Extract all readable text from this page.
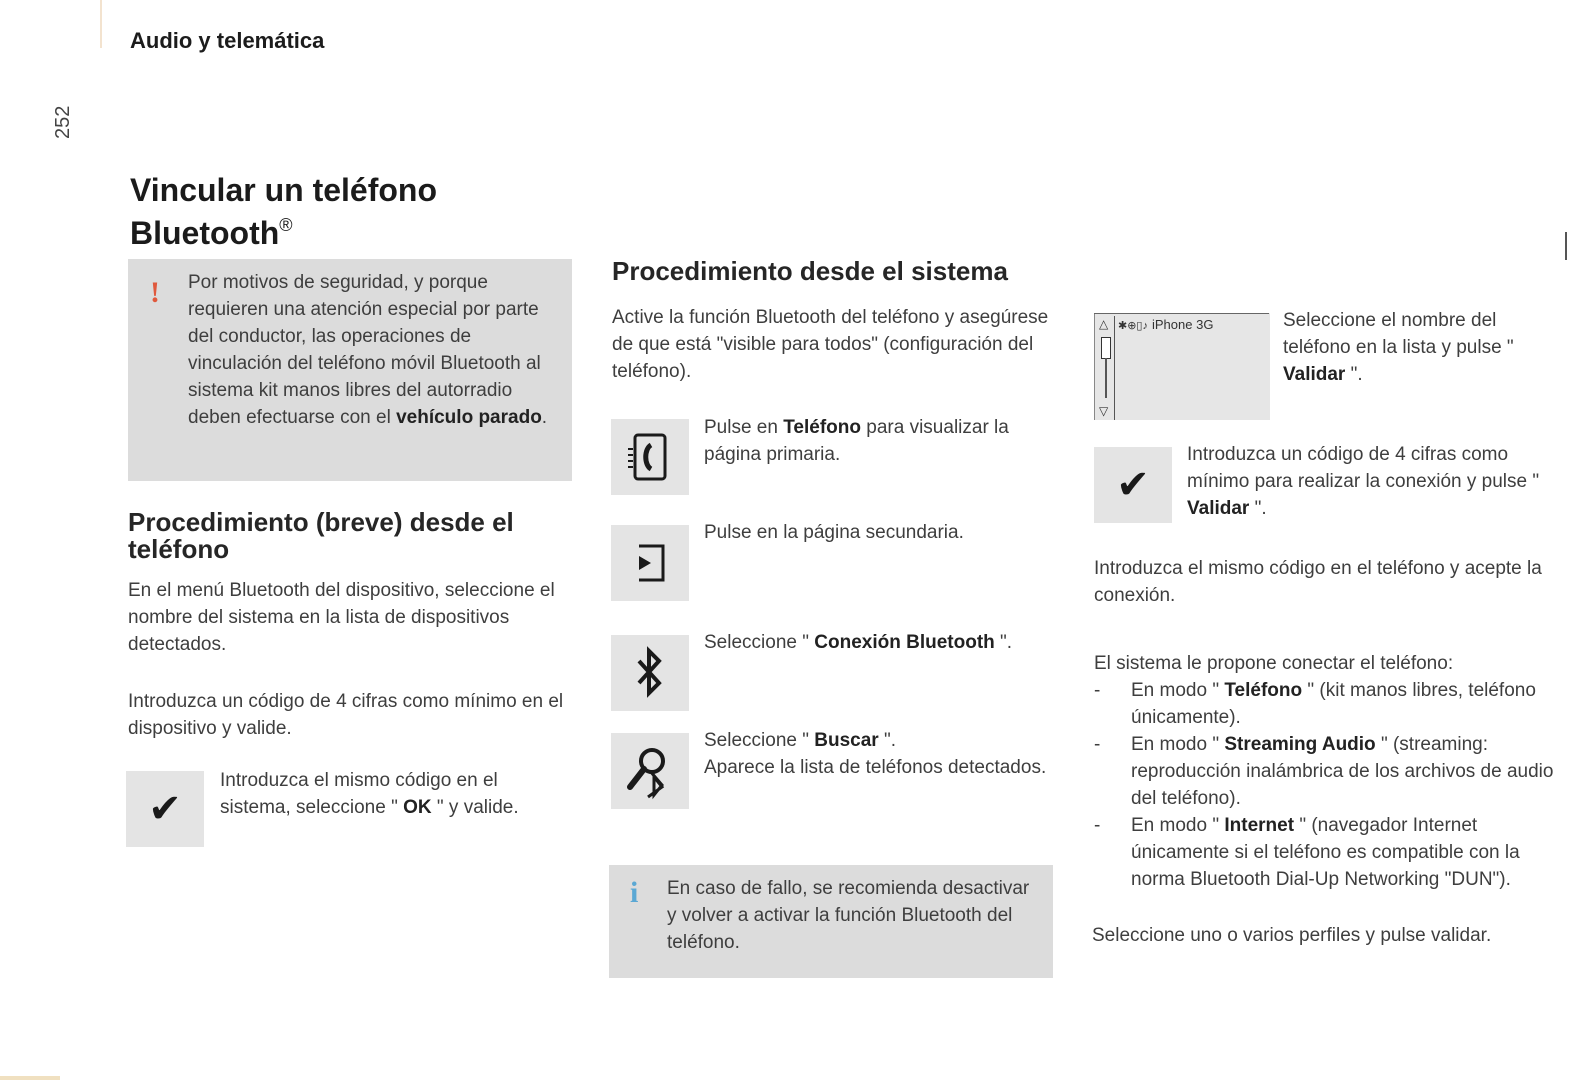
Audio y telemática
252
Vincular un teléfono
Bluetooth®
! Por motivos de seguridad, y porque requieren una atención especial por parte del conductor, las operaciones de vinculación del teléfono móvil Bluetooth al sistema kit manos libres del autorradio deben efectuarse con el vehículo parado.

Procedimiento (breve) desde el teléfono

En el menú Bluetooth del dispositivo, seleccione el nombre del sistema en la lista de dispositivos detectados.

Introduzca un código de 4 cifras como mínimo en el dispositivo y valide.

✔

Introduzca el mismo código en el sistema, seleccione " OK " y valide.

Procedimiento desde el sistema

Active la función Bluetooth del teléfono y asegúrese de que está "visible para todos" (configuración del teléfono).

Pulse en Teléfono para visualizar la página primaria.

Pulse en la página secundaria.

Seleccione " Conexión Bluetooth ".

Seleccione " Buscar ".
Aparece la lista de teléfonos detectados.

i En caso de fallo, se recomienda desactivar y volver a activar la función Bluetooth del teléfono.

△
▽
✱⊕▯♪ iPhone 3G	Seleccione el nombre del teléfono en la lista y pulse " Validar ".

✔

Introduzca un código de 4 cifras como mínimo para realizar la conexión y pulse " Validar ".

Introduzca el mismo código en el teléfono y acepte la conexión.

El sistema le propone conectar el teléfono:

- En modo " Teléfono " (kit manos libres, teléfono únicamente).
- En modo " Streaming Audio " (streaming: reproducción inalámbrica de los archivos de audio del teléfono).
- En modo " Internet " (navegador Internet únicamente si el teléfono es compatible con la norma Bluetooth Dial-Up Networking "DUN").

Seleccione uno o varios perfiles y pulse validar.
